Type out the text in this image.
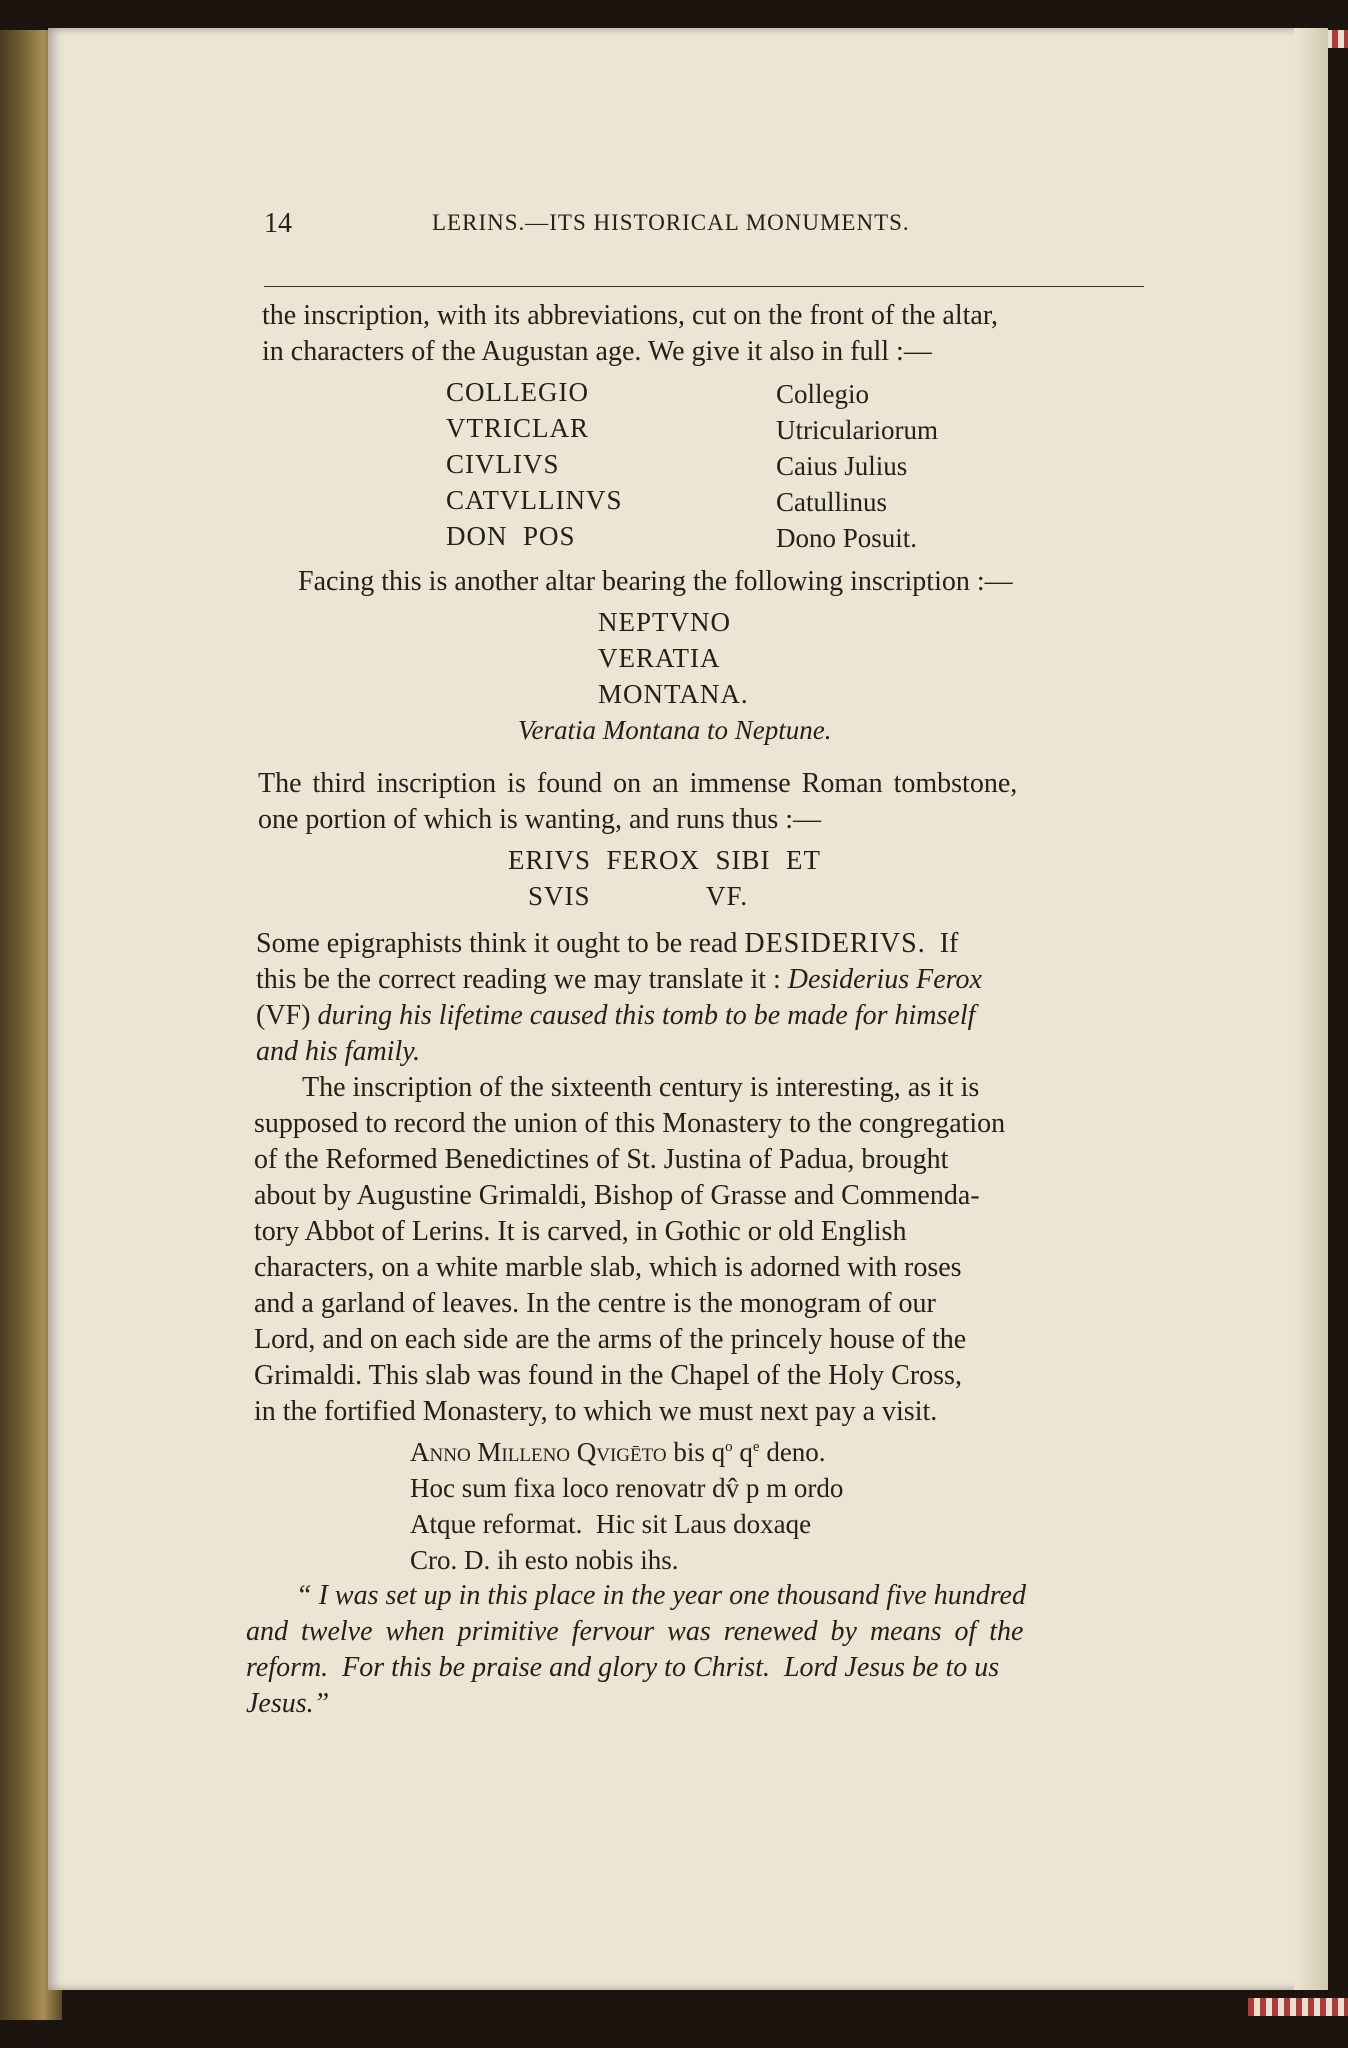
14	LERINS.—ITS HISTORICAL MONUMENTS.
the inscription, with its abbreviations, cut on the front of the altar,
in characters of the Augustan age. We give it also in full :—
COLLEGIO
VTRICLAR
CIVLIVS
CATVLLINVS
DON  POS
Collegio
Utriculariorum
Caius Julius
Catullinus
Dono Posuit.
Facing this is another altar bearing the following inscription :—
NEPTVNO
VERATIA
MONTANA.
Veratia Montana to Neptune.
The third inscription is found on an immense Roman tombstone,
one portion of which is wanting, and runs thus :—
ERIVS  FEROX  SIBI  ET
SVIS	VF.
Some epigraphists think it ought to be read DESIDERIVS.  If
this be the correct reading we may translate it : Desiderius Ferox
(VF) during his lifetime caused this tomb to be made for himself
and his family.
The inscription of the sixteenth century is interesting, as it is
supposed to record the union of this Monastery to the congregation
of the Reformed Benedictines of St. Justina of Padua, brought
about by Augustine Grimaldi, Bishop of Grasse and Commenda-
tory Abbot of Lerins. It is carved, in Gothic or old English
characters, on a white marble slab, which is adorned with roses
and a garland of leaves. In the centre is the monogram of our
Lord, and on each side are the arms of the princely house of the
Grimaldi. This slab was found in the Chapel of the Holy Cross,
in the fortified Monastery, to which we must next pay a visit.
Anno Milleno Qvigēto bis $q^o$ $q^e$ deno.
Hoc sum fixa loco renovatr dv̂ p m ordo
Atque reformat.  Hic sit Laus doxaqe
Cro. D. ih esto nobis ihs.
“ I was set up in this place in the year one thousand five hundred
and twelve when primitive fervour was renewed by means of the
reform.  For this be praise and glory to Christ.  Lord Jesus be to us
Jesus.”
